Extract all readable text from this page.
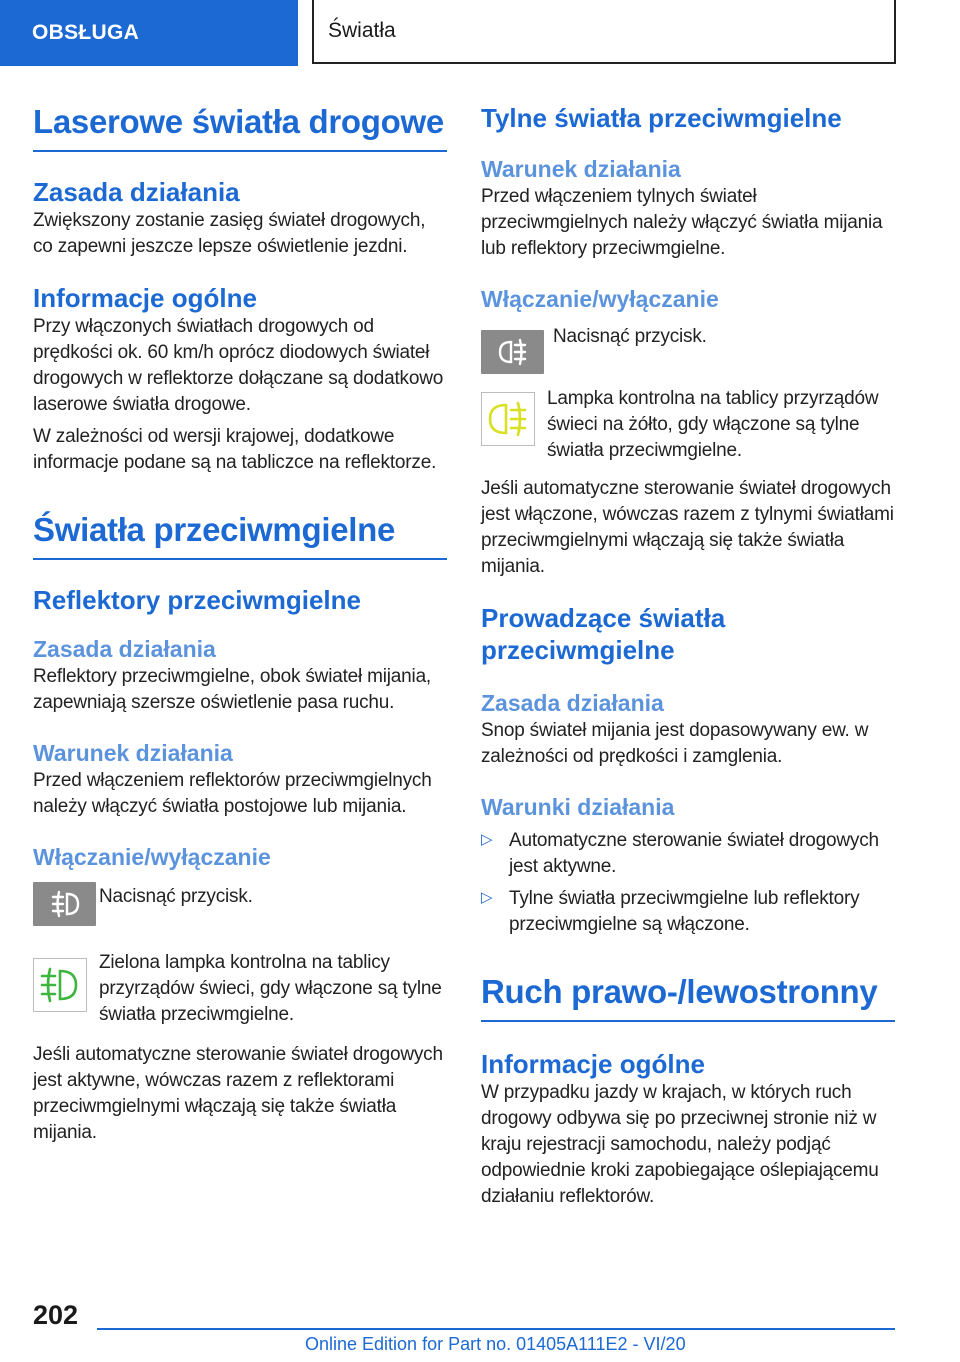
OBSŁUGA	Światła
Laserowe światła drogowe
Zasada działania

Zwiększony zostanie zasięg świateł drogowych, co zapewni jeszcze lepsze oświetlenie jezdni.

Informacje ogólne

Przy włączonych światłach drogowych od prędkości ok. 60 km/h oprócz diodowych świateł drogowych w reflektorze dołączane są dodatkowo laserowe światła drogowe.

W zależności od wersji krajowej, dodatkowe informacje podane są na tabliczce na reflektorze.

Światła przeciwmgielne
Reflektory przeciwmgielne
Zasada działania

Reflektory przeciwmgielne, obok świateł mijania, zapewniają szersze oświetlenie pasa ruchu.

Warunek działania

Przed włączeniem reflektorów przeciwmgielnych należy włączyć światła postojowe lub mijania.

Włączanie/wyłączanie

Nacisnąć przycisk.

Zielona lampka kontrolna na tablicy przyrządów świeci, gdy włączone są tylne światła przeciwmgielne.

Jeśli automatyczne sterowanie świateł drogowych jest aktywne, wówczas razem z reflektorami przeciwmgielnymi włączają się także światła mijania.

Tylne światła przeciwmgielne
Warunek działania

Przed włączeniem tylnych świateł przeciwmgielnych należy włączyć światła mijania lub reflektory przeciwmgielne.

Włączanie/wyłączanie

Nacisnąć przycisk.

Lampka kontrolna na tablicy przyrządów świeci na żółto, gdy włączone są tylne światła przeciwmgielne.

Jeśli automatyczne sterowanie świateł drogowych jest włączone, wówczas razem z tylnymi światłami przeciwmgielnymi włączają się także światła mijania.

Prowadzące światła przeciwmgielne
Zasada działania

Snop świateł mijania jest dopasowywany ew. w zależności od prędkości i zamglenia.

Warunki działania
▷ Automatyczne sterowanie świateł drogowych jest aktywne.

▷ Tylne światła przeciwmgielne lub reflektory przeciwmgielne są włączone.

Ruch prawo-/lewostronny
Informacje ogólne

W przypadku jazdy w krajach, w których ruch drogowy odbywa się po przeciwnej stronie niż w kraju rejestracji samochodu, należy podjąć odpowiednie kroki zapobiegające oślepiającemu działaniu reflektorów.

202
Online Edition for Part no. 01405A111E2 - VI/20
